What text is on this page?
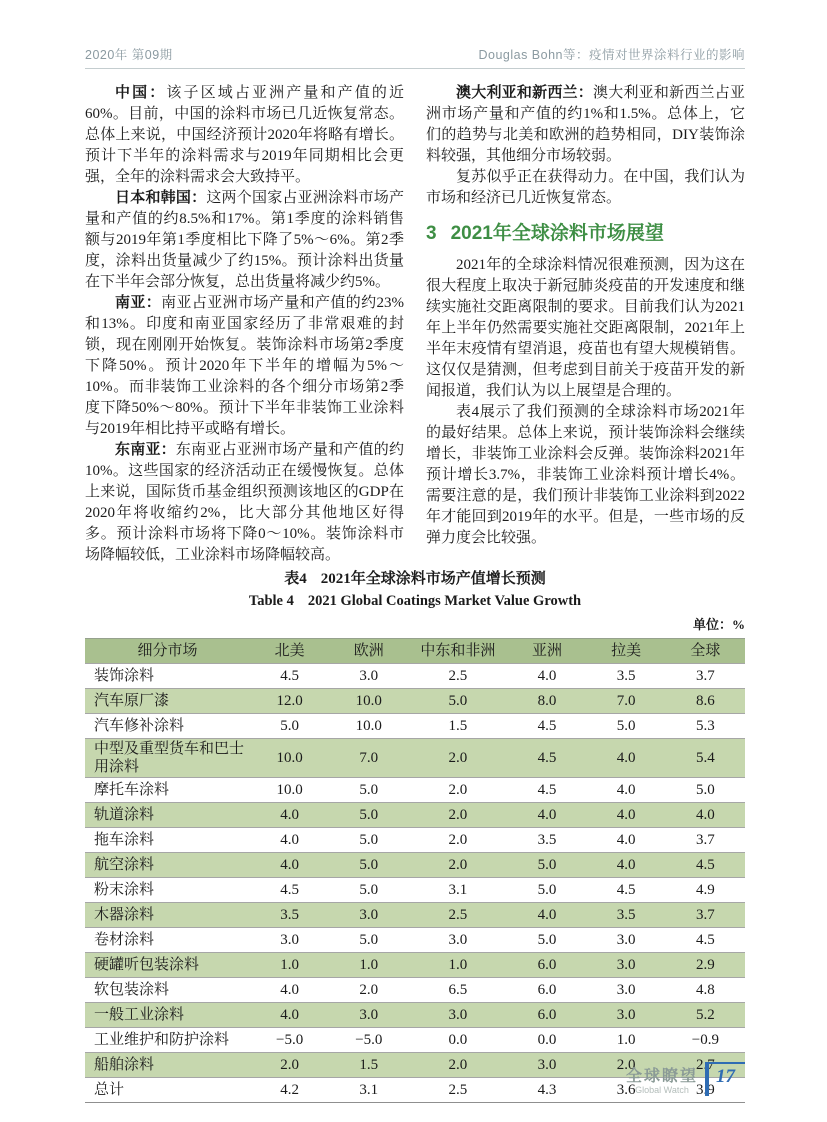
2020年 第09期	Douglas Bohn等：疫情对世界涂料行业的影响

中国：该子区域占亚洲产量和产值的近60%。目前，中国的涂料市场已几近恢复常态。总体上来说，中国经济预计2020年将略有增长。预计下半年的涂料需求与2019年同期相比会更强，全年的涂料需求会大致持平。

日本和韩国：这两个国家占亚洲涂料市场产量和产值的约8.5%和17%。第1季度的涂料销售额与2019年第1季度相比下降了5%～6%。第2季度，涂料出货量减少了约15%。预计涂料出货量在下半年会部分恢复，总出货量将减少约5%。

南亚：南亚占亚洲市场产量和产值的约23%和13%。印度和南亚国家经历了非常艰难的封锁，现在刚刚开始恢复。装饰涂料市场第2季度下降50%。预计2020年下半年的增幅为5%～10%。而非装饰工业涂料的各个细分市场第2季度下降50%～80%。预计下半年非装饰工业涂料与2019年相比持平或略有增长。

东南亚：东南亚占亚洲市场产量和产值的约10%。这些国家的经济活动正在缓慢恢复。总体上来说，国际货币基金组织预测该地区的GDP在2020年将收缩约2%，比大部分其他地区好得多。预计涂料市场将下降0～10%。装饰涂料市场降幅较低，工业涂料市场降幅较高。

澳大利亚和新西兰：澳大利亚和新西兰占亚洲市场产量和产值的约1%和1.5%。总体上，它们的趋势与北美和欧洲的趋势相同，DIY装饰涂料较强，其他细分市场较弱。

复苏似乎正在获得动力。在中国，我们认为市场和经济已几近恢复常态。

3 2021年全球涂料市场展望

2021年的全球涂料情况很难预测，因为这在很大程度上取决于新冠肺炎疫苗的开发速度和继续实施社交距离限制的要求。目前我们认为2021年上半年仍然需要实施社交距离限制，2021年上半年末疫情有望消退，疫苗也有望大规模销售。这仅仅是猜测，但考虑到目前关于疫苗开发的新闻报道，我们认为以上展望是合理的。

表4展示了我们预测的全球涂料市场2021年的最好结果。总体上来说，预计装饰涂料会继续增长，非装饰工业涂料会反弹。装饰涂料2021年预计增长3.7%，非装饰工业涂料预计增长4%。需要注意的是，我们预计非装饰工业涂料到2022年才能回到2019年的水平。但是，一些市场的反弹力度会比较强。

表4 2021年全球涂料市场产值增长预测
Table 4 2021 Global Coatings Market Value Growth
单位：%
细分市场	北美	欧洲	中东和非洲	亚洲	拉美	全球
装饰涂料	4.5	3.0	2.5	4.0	3.5	3.7
汽车原厂漆	12.0	10.0	5.0	8.0	7.0	8.6
汽车修补涂料	5.0	10.0	1.5	4.5	5.0	5.3
中型及重型货车和巴士用涂料	10.0	7.0	2.0	4.5	4.0	5.4
摩托车涂料	10.0	5.0	2.0	4.5	4.0	5.0
轨道涂料	4.0	5.0	2.0	4.0	4.0	4.0
拖车涂料	4.0	5.0	2.0	3.5	4.0	3.7
航空涂料	4.0	5.0	2.0	5.0	4.0	4.5
粉末涂料	4.5	5.0	3.1	5.0	4.5	4.9
木器涂料	3.5	3.0	2.5	4.0	3.5	3.7
卷材涂料	3.0	5.0	3.0	5.0	3.0	4.5
硬罐听包装涂料	1.0	1.0	1.0	6.0	3.0	2.9
软包装涂料	4.0	2.0	6.5	6.0	3.0	4.8
一般工业涂料	4.0	3.0	3.0	6.0	3.0	5.2
工业维护和防护涂料	−5.0	−5.0	0.0	0.0	1.0	−0.9
船舶涂料	2.0	1.5	2.0	3.0	2.0	2.7
总计	4.2	3.1	2.5	4.3	3.6	3.9
全球瞭望
Global Watch
17
